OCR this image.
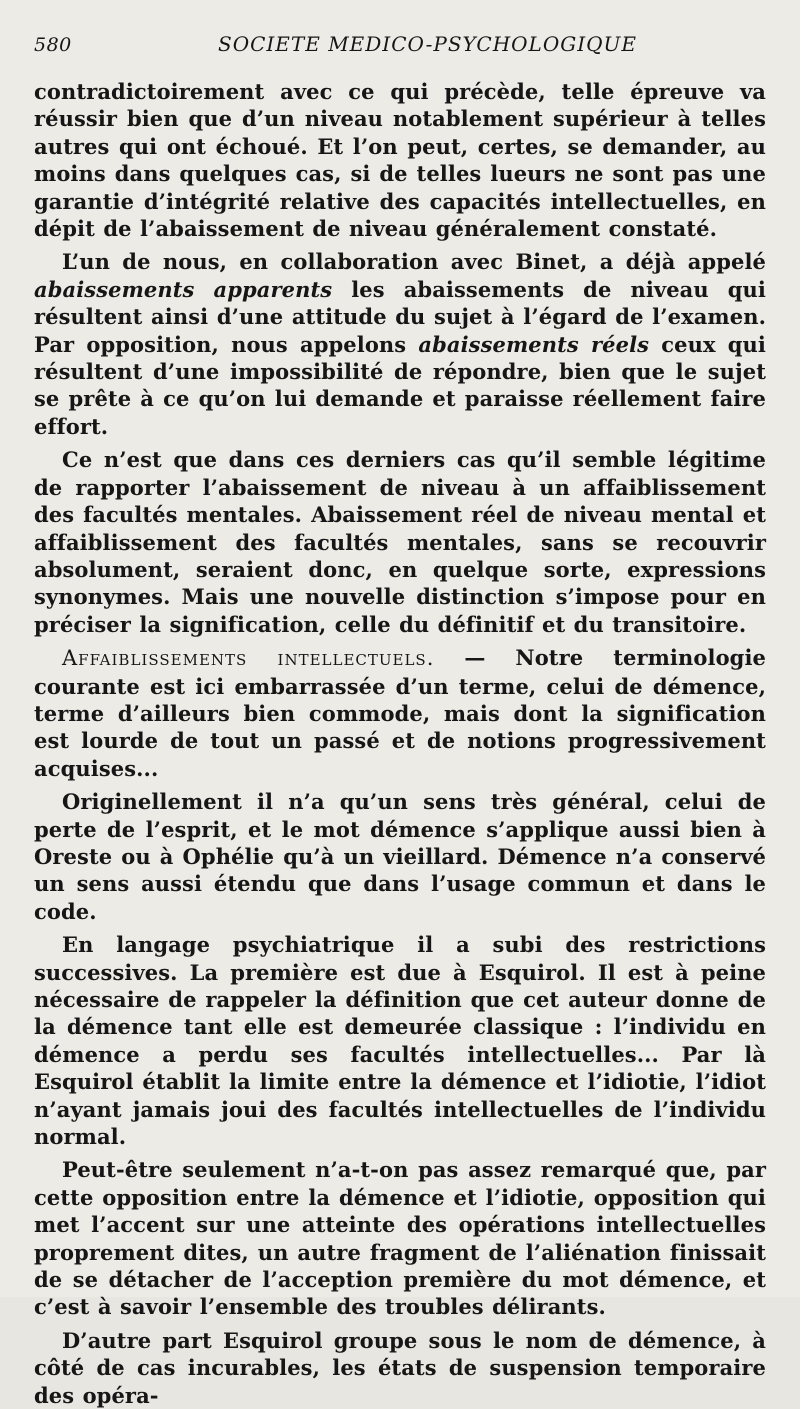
580	SOCIETE MEDICO-PSYCHOLOGIQUE

contradictoirement avec ce qui précède, telle épreuve va réussir bien que d’un niveau notablement supérieur à telles autres qui ont échoué. Et l’on peut, certes, se demander, au moins dans quelques cas, si de telles lueurs ne sont pas une garantie d’intégrité relative des capacités intellectuelles, en dépit de l’abaissement de niveau généralement constaté.

L’un de nous, en collaboration avec Binet, a déjà appelé abaissements apparents les abaissements de niveau qui résultent ainsi d’une attitude du sujet à l’égard de l’examen. Par opposition, nous appelons abaissements réels ceux qui résultent d’une impossibilité de répondre, bien que le sujet se prête à ce qu’on lui demande et paraisse réellement faire effort.

Ce n’est que dans ces derniers cas qu’il semble légitime de rapporter l’abaissement de niveau à un affaiblissement des facultés mentales. Abaissement réel de niveau mental et affaiblissement des facultés mentales, sans se recouvrir absolument, seraient donc, en quelque sorte, expressions synonymes. Mais une nouvelle distinction s’impose pour en préciser la signification, celle du définitif et du transitoire.

Affaiblissements intellectuels. — Notre terminologie courante est ici embarrassée d’un terme, celui de démence, terme d’ailleurs bien commode, mais dont la signification est lourde de tout un passé et de notions progressivement acquises...

Originellement il n’a qu’un sens très général, celui de perte de l’esprit, et le mot démence s’applique aussi bien à Oreste ou à Ophélie qu’à un vieillard. Démence n’a conservé un sens aussi étendu que dans l’usage commun et dans le code.

En langage psychiatrique il a subi des restrictions successives. La première est due à Esquirol. Il est à peine nécessaire de rappeler la définition que cet auteur donne de la démence tant elle est demeurée classique : l’individu en démence a perdu ses facultés intellectuelles... Par là Esquirol établit la limite entre la démence et l’idiotie, l’idiot n’ayant jamais joui des facultés intellectuelles de l’individu normal.

Peut-être seulement n’a-t-on pas assez remarqué que, par cette opposition entre la démence et l’idiotie, opposition qui met l’accent sur une atteinte des opérations intellectuelles proprement dites, un autre fragment de l’aliénation finissait de se détacher de l’acception première du mot démence, et c’est à savoir l’ensemble des troubles délirants.

D’autre part Esquirol groupe sous le nom de démence, à côté de cas incurables, les états de suspension temporaire des opéra-
